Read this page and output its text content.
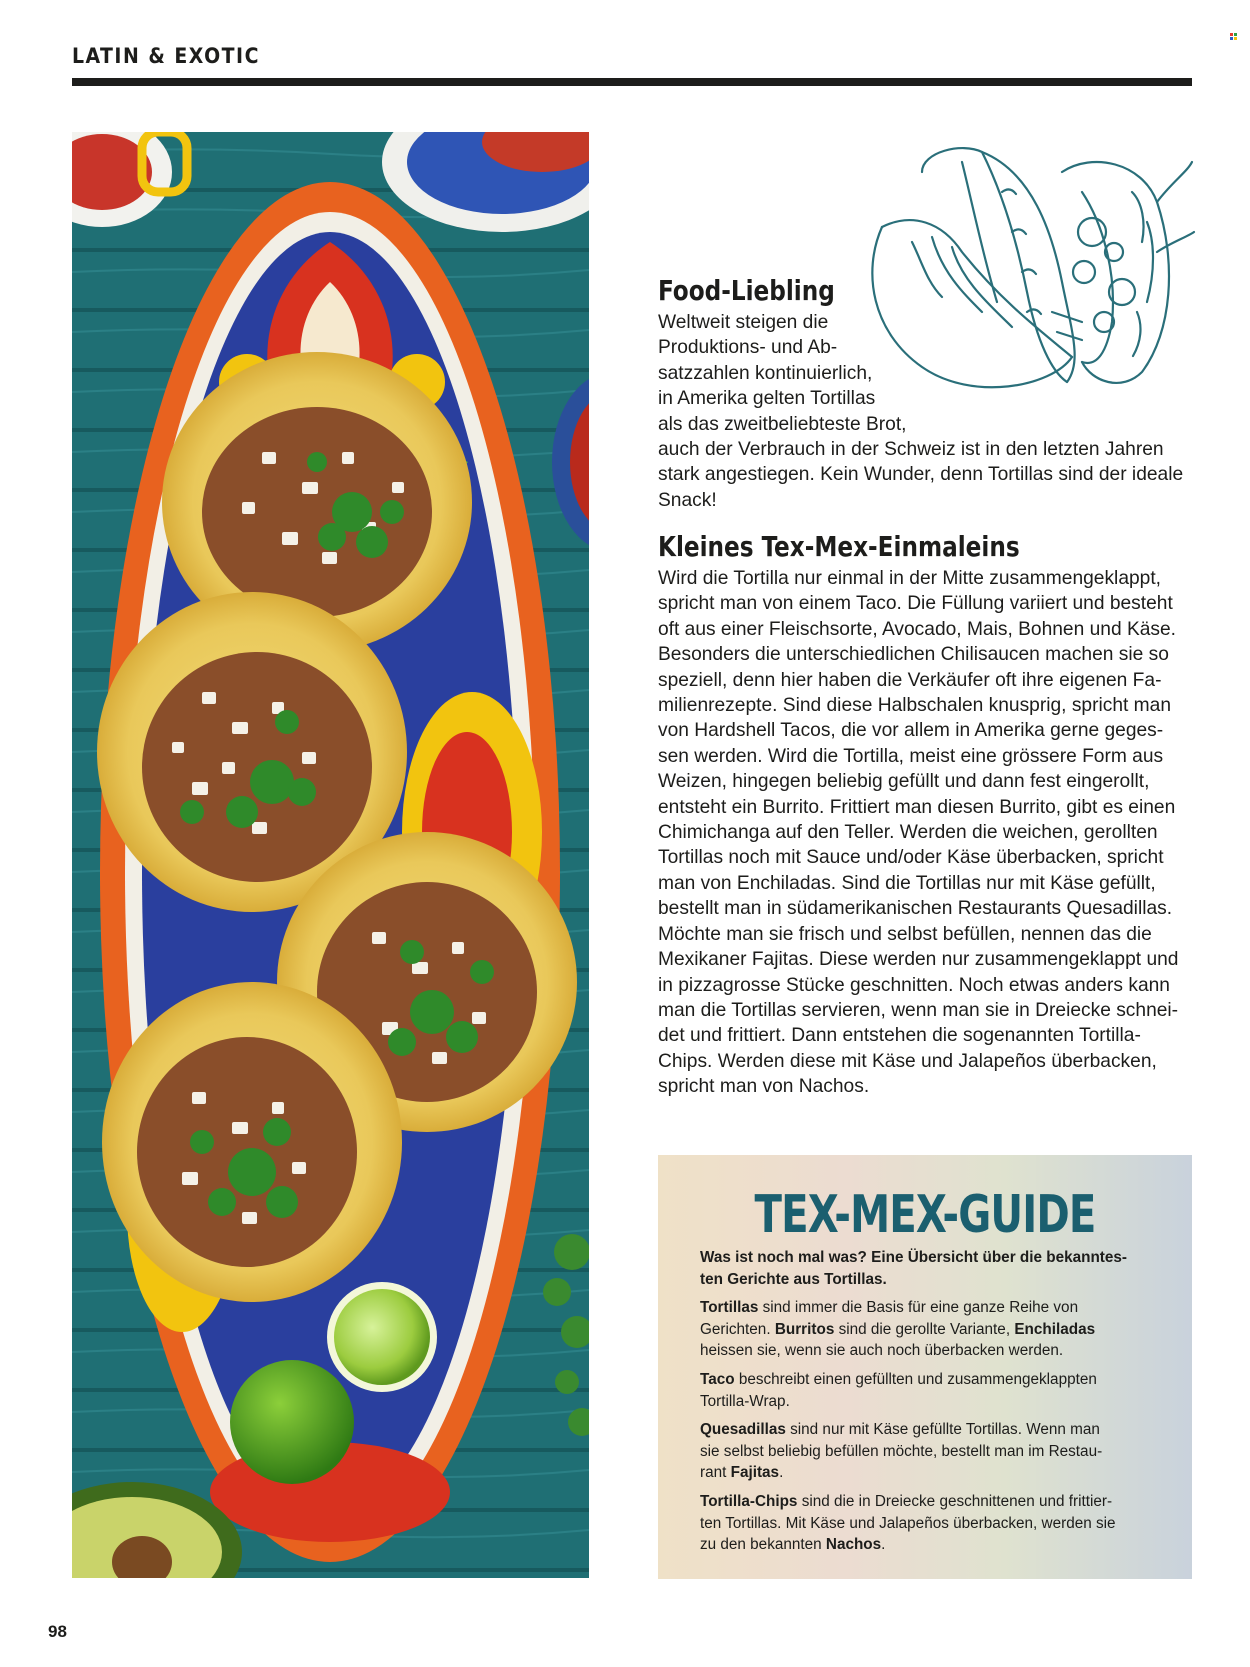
LATIN & EXOTIC
Food-Liebling
Weltweit steigen die
Produktions- und Ab-
satzzahlen kontinuierlich,
in Amerika gelten Tortillas
als das zweitbeliebteste Brot,
auch der Verbrauch in der Schweiz ist in den letzten Jahren
stark angestiegen. Kein Wunder, denn Tortillas sind der ideale
Snack!
Kleines Tex-Mex-Einmaleins
Wird die Tortilla nur einmal in der Mitte zusammengeklappt,
spricht man von einem Taco. Die Füllung variiert und besteht
oft aus einer Fleischsorte, Avocado, Mais, Bohnen und Käse.
Besonders die unterschiedlichen Chilisaucen machen sie so
speziell, denn hier haben die Verkäufer oft ihre eigenen Fa-
milienrezepte. Sind diese Halbschalen knusprig, spricht man
von Hardshell Tacos, die vor allem in Amerika gerne geges-
sen werden. Wird die Tortilla, meist eine grössere Form aus
Weizen, hingegen beliebig gefüllt und dann fest eingerollt,
entsteht ein Burrito. Frittiert man diesen Burrito, gibt es einen
Chimichanga auf den Teller. Werden die weichen, gerollten
Tortillas noch mit Sauce und/oder Käse überbacken, spricht
man von Enchiladas. Sind die Tortillas nur mit Käse gefüllt,
bestellt man in südamerikanischen Restaurants Quesadillas.
Möchte man sie frisch und selbst befüllen, nennen das die
Mexikaner Fajitas. Diese werden nur zusammengeklappt und
in pizzagrosse Stücke geschnitten. Noch etwas anders kann
man die Tortillas servieren, wenn man sie in Dreiecke schnei-
det und frittiert. Dann entstehen die sogenannten Tortilla-
Chips. Werden diese mit Käse und Jalapeños überbacken,
spricht man von Nachos.
TEX-MEX-GUIDE
Was ist noch mal was? Eine Übersicht über die bekanntes-
ten Gerichte aus Tortillas.
Tortillas sind immer die Basis für eine ganze Reihe von
Gerichten. Burritos sind die gerollte Variante, Enchiladas
heissen sie, wenn sie auch noch überbacken werden.
Taco beschreibt einen gefüllten und zusammengeklappten
Tortilla-Wrap.
Quesadillas sind nur mit Käse gefüllte Tortillas. Wenn man
sie selbst beliebig befüllen möchte, bestellt man im Restau-
rant Fajitas.
Tortilla-Chips sind die in Dreiecke geschnittenen und frittier-
ten Tortillas. Mit Käse und Jalapeños überbacken, werden sie
zu den bekannten Nachos.
98
